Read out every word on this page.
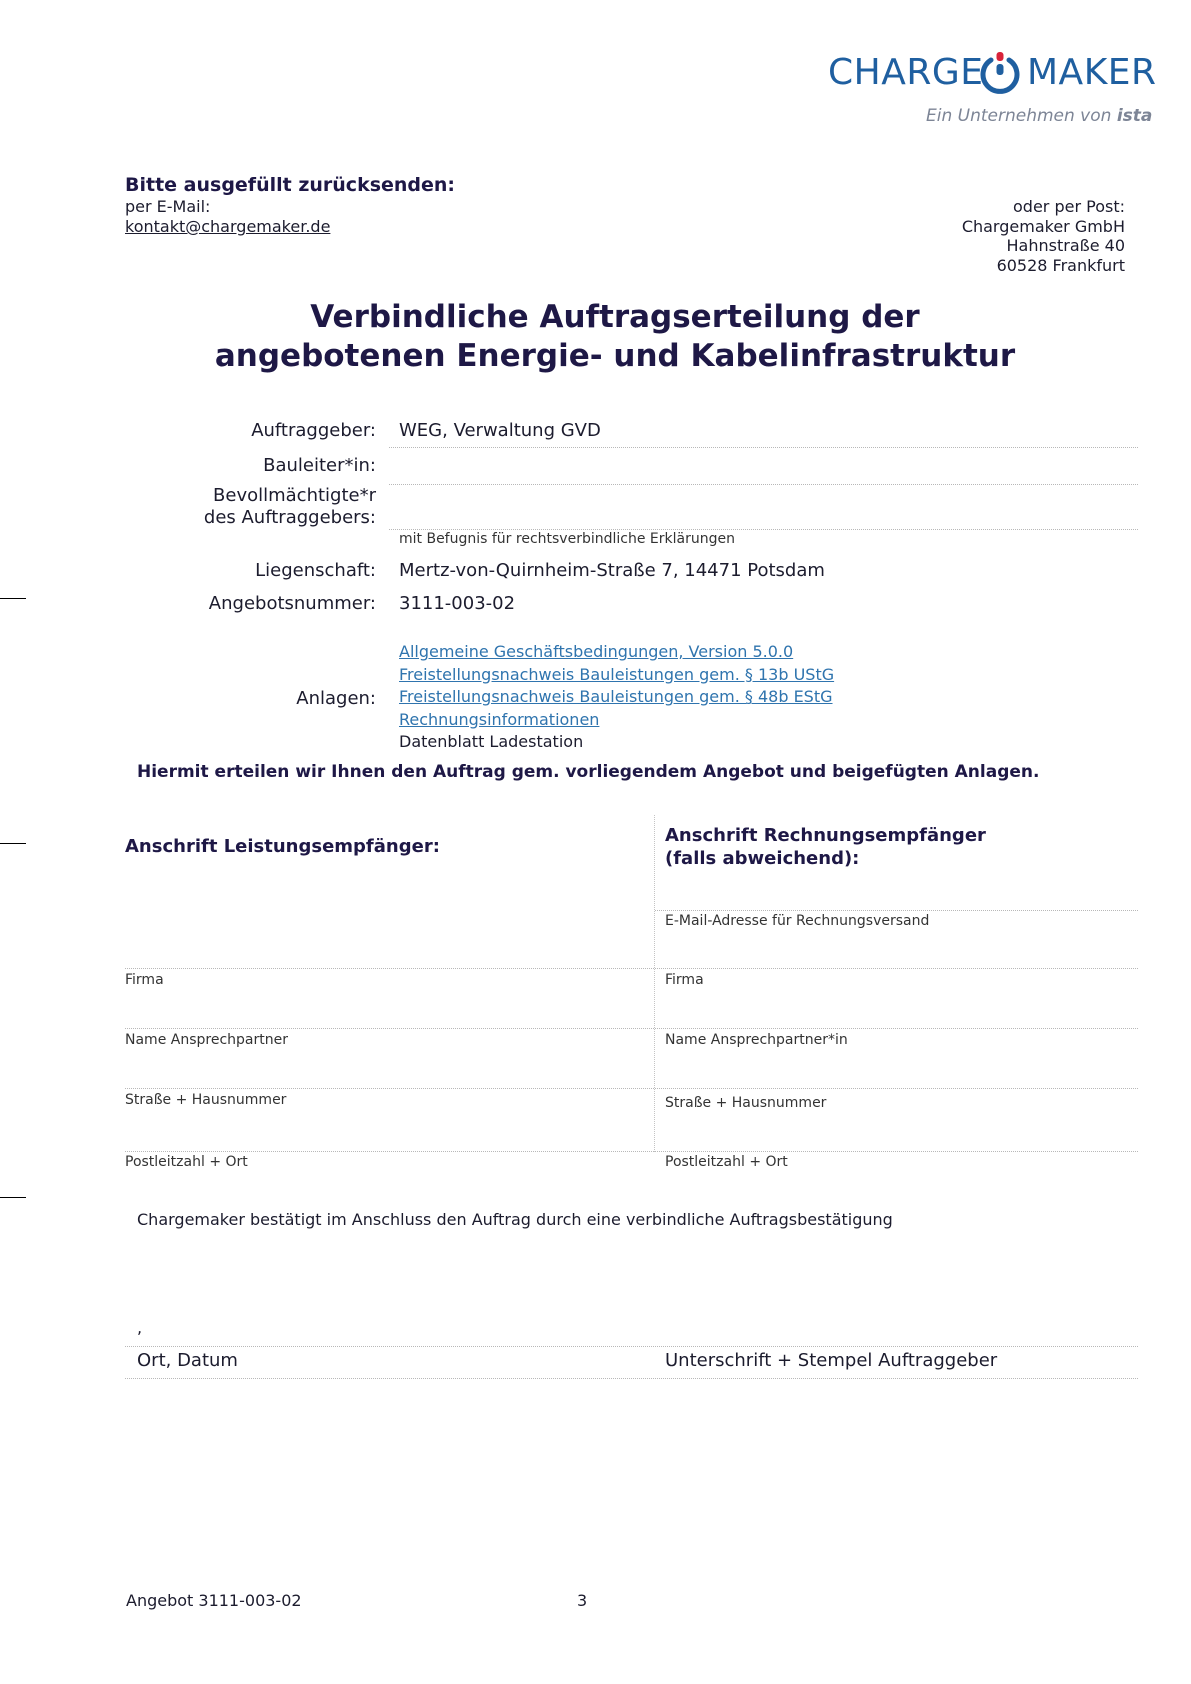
CHARGE MAKER
Ein Unternehmen von ista
Bitte ausgefüllt zurücksenden:
per E-Mail:
kontakt@chargemaker.de
oder per Post:
Chargemaker GmbH
Hahnstraße 40
60528 Frankfurt
Verbindliche Auftragserteilung der
angebotenen Energie- und Kabelinfrastruktur
Auftraggeber: WEG, Verwaltung GVD
Bauleiter*in:
Bevollmächtigte*r
des Auftraggebers:
mit Befugnis für rechtsverbindliche Erklärungen
Liegenschaft: Mertz-von-Quirnheim-Straße 7, 14471 Potsdam
Angebotsnummer: 3111-003-02
Anlagen:
Allgemeine Geschäftsbedingungen, Version 5.0.0
Freistellungsnachweis Bauleistungen gem. § 13b UStG
Freistellungsnachweis Bauleistungen gem. § 48b EStG
Rechnungsinformationen
Datenblatt Ladestation
Hiermit erteilen wir Ihnen den Auftrag gem. vorliegendem Angebot und beigefügten Anlagen.
Anschrift Leistungsempfänger:
Anschrift Rechnungsempfänger
(falls abweichend):
E-Mail-Adresse für Rechnungsversand
Firma	Firma
Name Ansprechpartner	Name Ansprechpartner*in
Straße + Hausnummer	Straße + Hausnummer
Postleitzahl + Ort	Postleitzahl + Ort
Chargemaker bestätigt im Anschluss den Auftrag durch eine verbindliche Auftragsbestätigung
,
Ort, Datum	Unterschrift + Stempel Auftraggeber
Angebot 3111-003-02	3
